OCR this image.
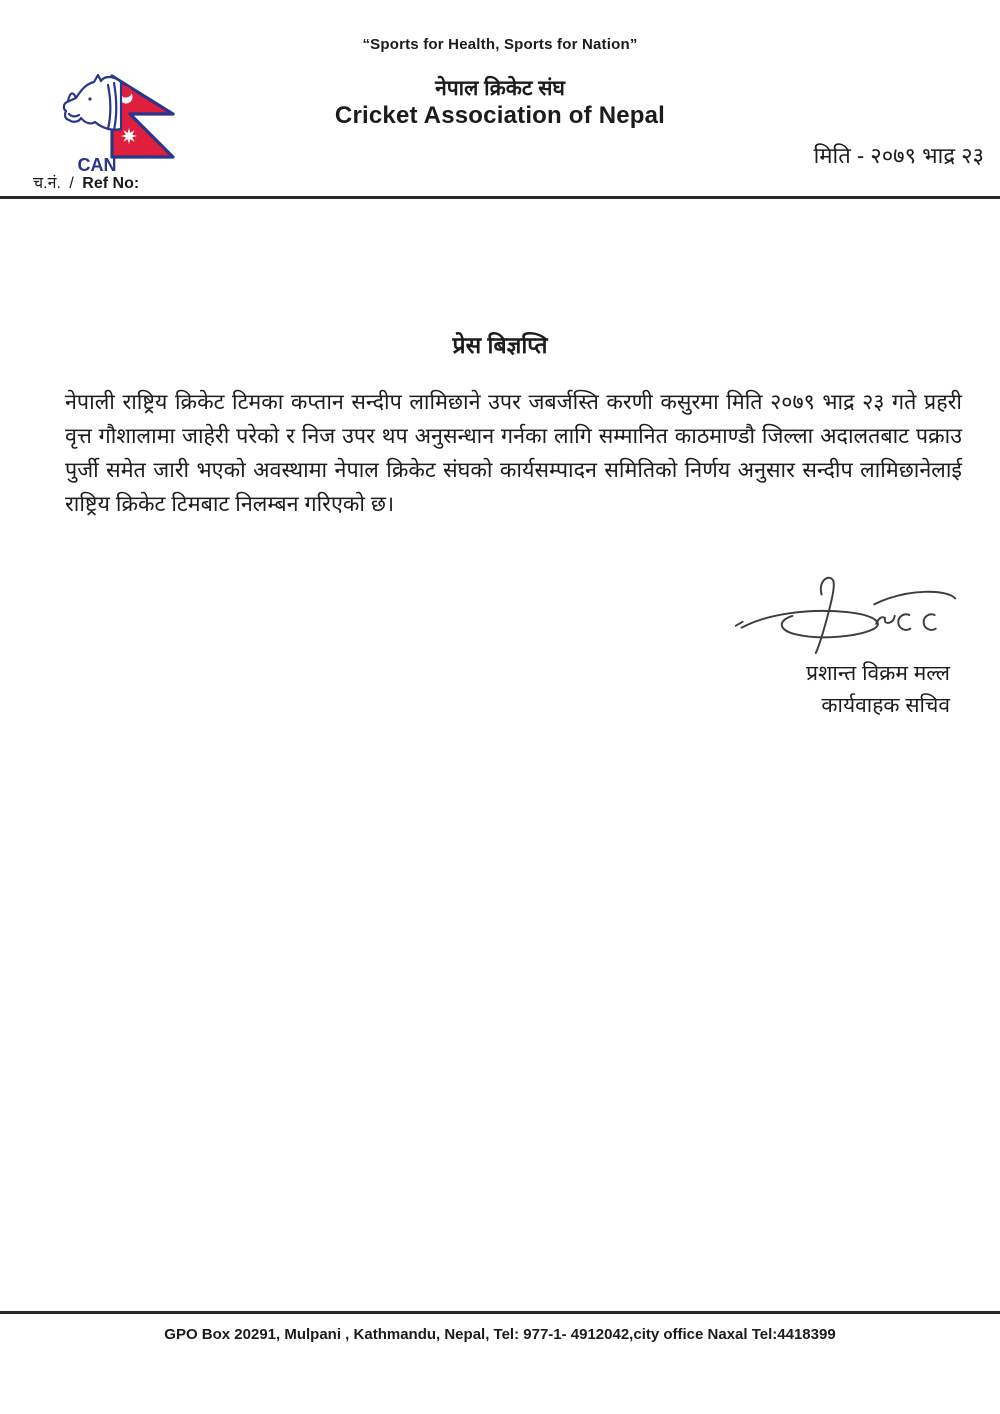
“Sports for Health, Sports for Nation”
CAN
नेपाल क्रिकेट संघ
Cricket Association of Nepal
मिति - २०७९ भाद्र २३
च.नं. / Ref No:
प्रेस बिज्ञप्ति
नेपाली राष्ट्रिय क्रिकेट टिमका कप्तान सन्दीप लामिछाने उपर जबर्जस्ति करणी कसुरमा मिति २०७९ भाद्र २३ गते प्रहरी वृत्त गौशालामा जाहेरी परेको र निज उपर थप अनुसन्धान गर्नका लागि सम्मानित काठमाण्डौ जिल्ला अदालतबाट पक्राउ पुर्जी समेत जारी भएको अवस्थामा नेपाल क्रिकेट संघको कार्यसम्पादन समितिको निर्णय अनुसार सन्दीप लामिछानेलाई राष्ट्रिय क्रिकेट टिमबाट निलम्बन गरिएको छ।
प्रशान्त विक्रम मल्ल
कार्यवाहक सचिव
GPO Box 20291, Mulpani , Kathmandu, Nepal, Tel: 977-1- 4912042,city office Naxal Tel:4418399
